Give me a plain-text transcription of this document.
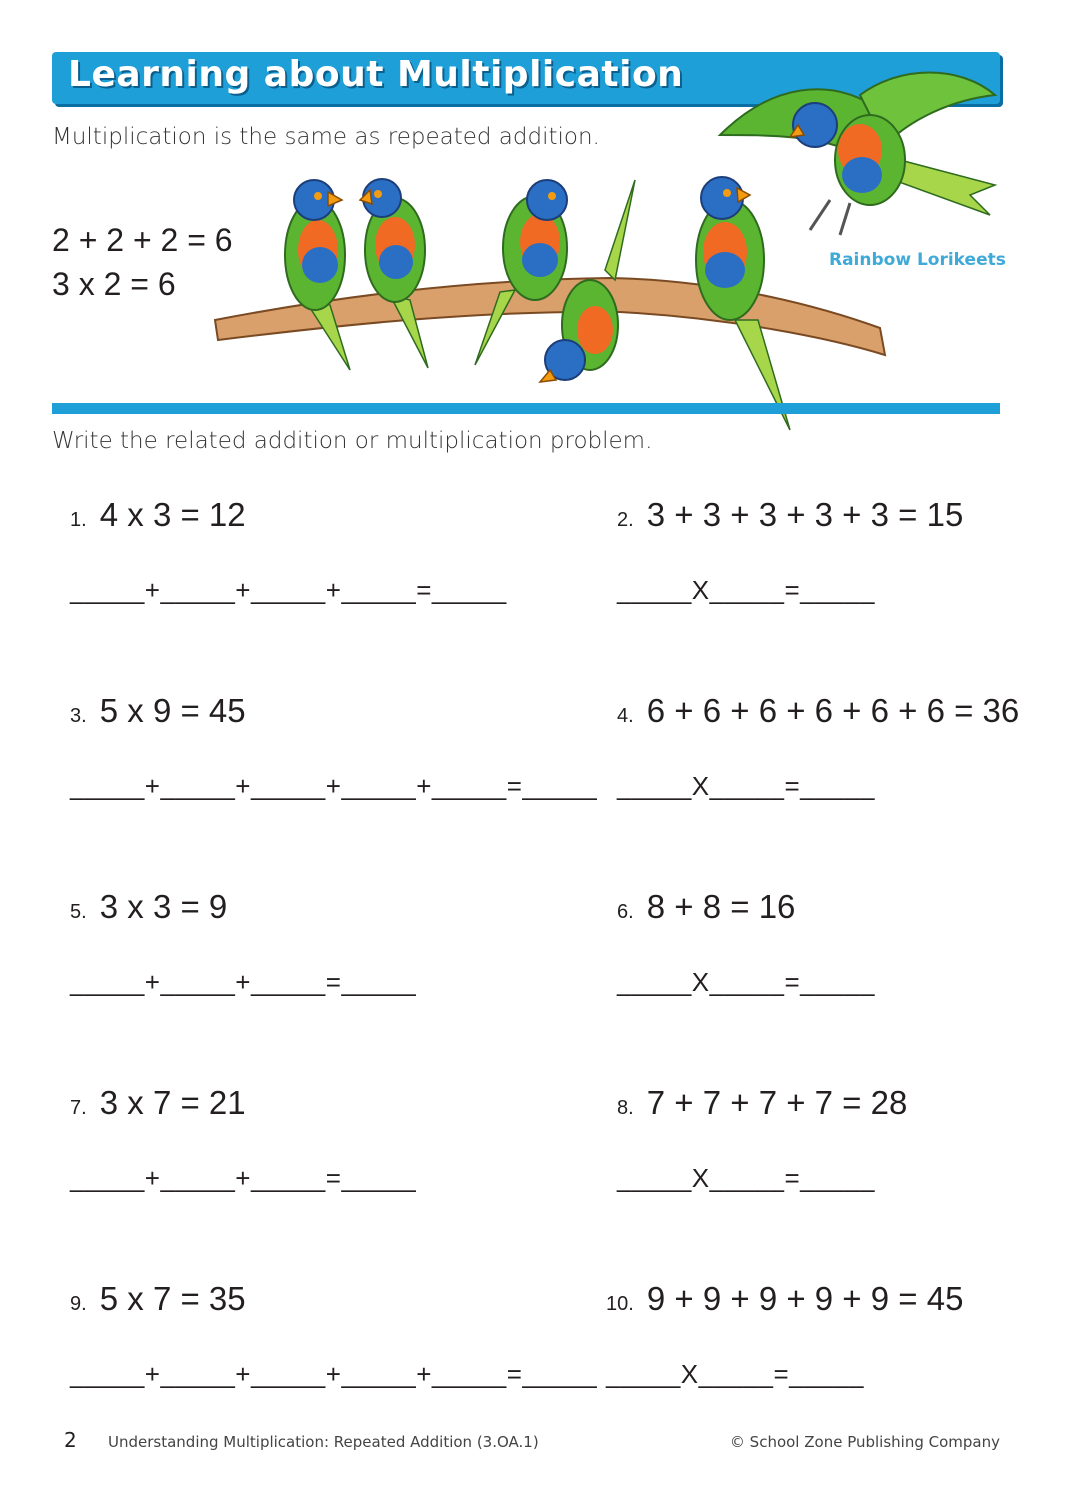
Learning about Multiplication
Multiplication is the same as repeated addition.
2 + 2 + 2 = 6
3 x 2 = 6
Rainbow Lorikeets
Write the related addition or multiplication problem.
1. 4 x 3 = 12
_____+_____+_____+_____=_____
2. 3 + 3 + 3 + 3 + 3 = 15
_____X_____=_____
3. 5 x 9 = 45
_____+_____+_____+_____+_____=_____
4. 6 + 6 + 6 + 6 + 6 + 6 = 36
_____X_____=_____
5. 3 x 3 = 9
_____+_____+_____=_____
6. 8 + 8 = 16
_____X_____=_____
7. 3 x 7 = 21
_____+_____+_____=_____
8. 7 + 7 + 7 + 7 = 28
_____X_____=_____
9. 5 x 7 = 35
_____+_____+_____+_____+_____=_____
10. 9 + 9 + 9 + 9 + 9 = 45
_____X_____=_____
2 Understanding Multiplication: Repeated Addition (3.OA.1)	© School Zone Publishing Company
